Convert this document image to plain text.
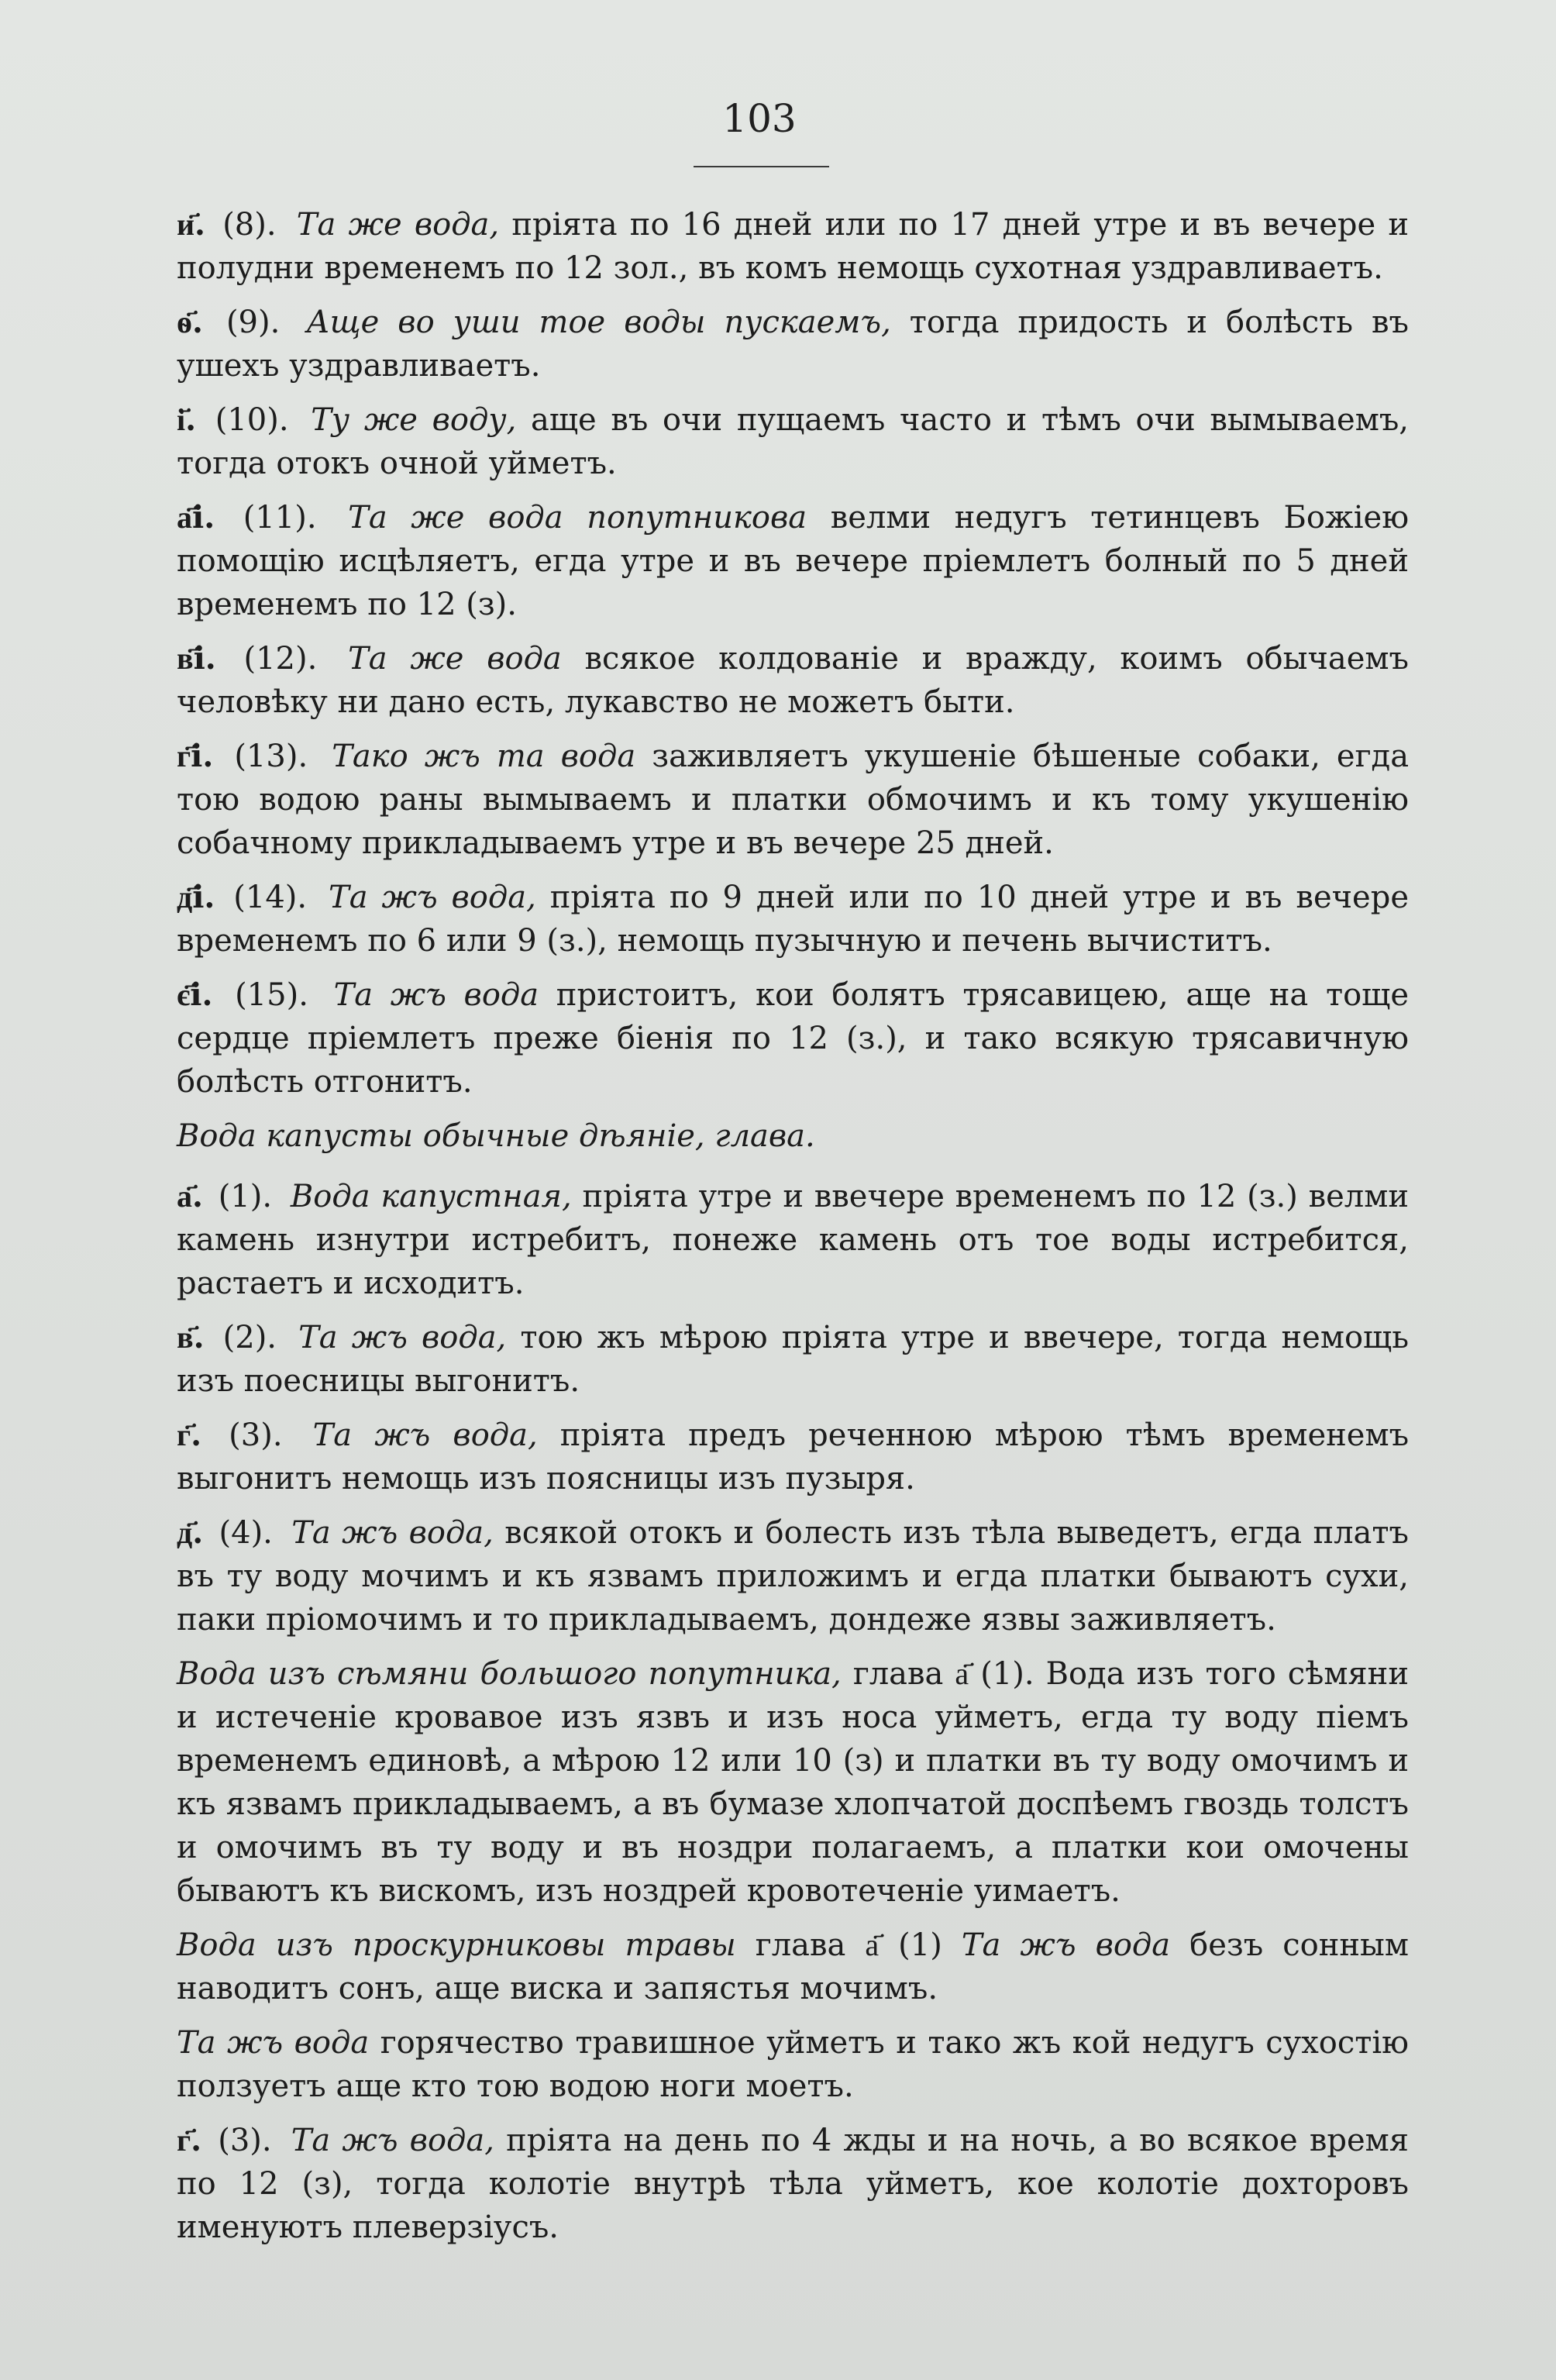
103

и҃. (8). Та же вода, пріята по 16 дней или по 17 дней утре и въ вечере и полудни временемъ по 12 зол., въ комъ немощь сухотная уздравливаетъ.

ѳ҃. (9). Аще во уши тое воды пускаемъ, тогда придость и болѣсть въ ушехъ уздравливаетъ.

і҃. (10). Ту же воду, аще въ очи пущаемъ часто и тѣмъ очи вымываемъ, тогда отокъ очной уйметъ.

а҃і. (11). Та же вода попутникова велми недугъ тетинцевъ Божіею помощію исцѣляетъ, егда утре и въ вечере пріемлетъ болный по 5 дней временемъ по 12 (з).

в҃і. (12). Та же вода всякое колдованіе и вражду, коимъ обычаемъ человѣку ни дано есть, лукавство не можетъ быти.

г҃і. (13). Тако жъ та вода заживляетъ укушеніе бѣшеные собаки, егда тою водою раны вымываемъ и платки обмочимъ и къ тому укушенію собачному прикладываемъ утре и въ вечере 25 дней.

д҃і. (14). Та жъ вода, пріята по 9 дней или по 10 дней утре и въ вечере временемъ по 6 или 9 (з.), немощь пузычную и печень вычиститъ.

є҃і. (15). Та жъ вода пристоитъ, кои болятъ трясавицею, аще на тоще сердце пріемлетъ преже біенія по 12 (з.), и тако всякую трясавичную болѣсть отгонитъ.

Вода капусты обычные дѣяніе, глава.

а҃. (1). Вода капустная, пріята утре и ввечере временемъ по 12 (з.) велми камень изнутри истребитъ, понеже камень отъ тое воды истребится, растаетъ и исходитъ.

в҃. (2). Та жъ вода, тою жъ мѣрою пріята утре и ввечере, тогда немощь изъ поесницы выгонитъ.

г҃. (3). Та жъ вода, пріята предъ реченною мѣрою тѣмъ временемъ выгонитъ немощь изъ поясницы изъ пузыря.

д҃. (4). Та жъ вода, всякой отокъ и болесть изъ тѣла выведетъ, егда платъ въ ту воду мочимъ и къ язвамъ приложимъ и егда платки бываютъ сухи, паки пріомочимъ и то прикладываемъ, дондеже язвы заживляетъ.

Вода изъ сѣмяни большого попутника, глава а҃ (1). Вода изъ того сѣмяни и истеченіе кровавое изъ язвъ и изъ носа уйметъ, егда ту воду піемъ временемъ единовѣ, а мѣрою 12 или 10 (з) и платки въ ту воду омочимъ и къ язвамъ прикладываемъ, а въ бумазе хлопчатой доспѣемъ гвоздь толстъ и омочимъ въ ту воду и въ ноздри полагаемъ, а платки кои омочены бываютъ къ вискомъ, изъ ноздрей кровотеченіе уимаетъ.

Вода изъ проскурниковы травы глава а҃ (1) Та жъ вода безъ сонным наводитъ сонъ, аще виска и запястья мочимъ.

Та жъ вода горячество травишное уйметъ и тако жъ кой недугъ сухостію ползуетъ аще кто тою водою ноги моетъ.

г҃. (3). Та жъ вода, пріята на день по 4 жды и на ночь, а во всякое время по 12 (з), тогда колотіе внутрѣ тѣла уйметъ, кое колотіе дохторовъ именуютъ плеверзіусъ.
